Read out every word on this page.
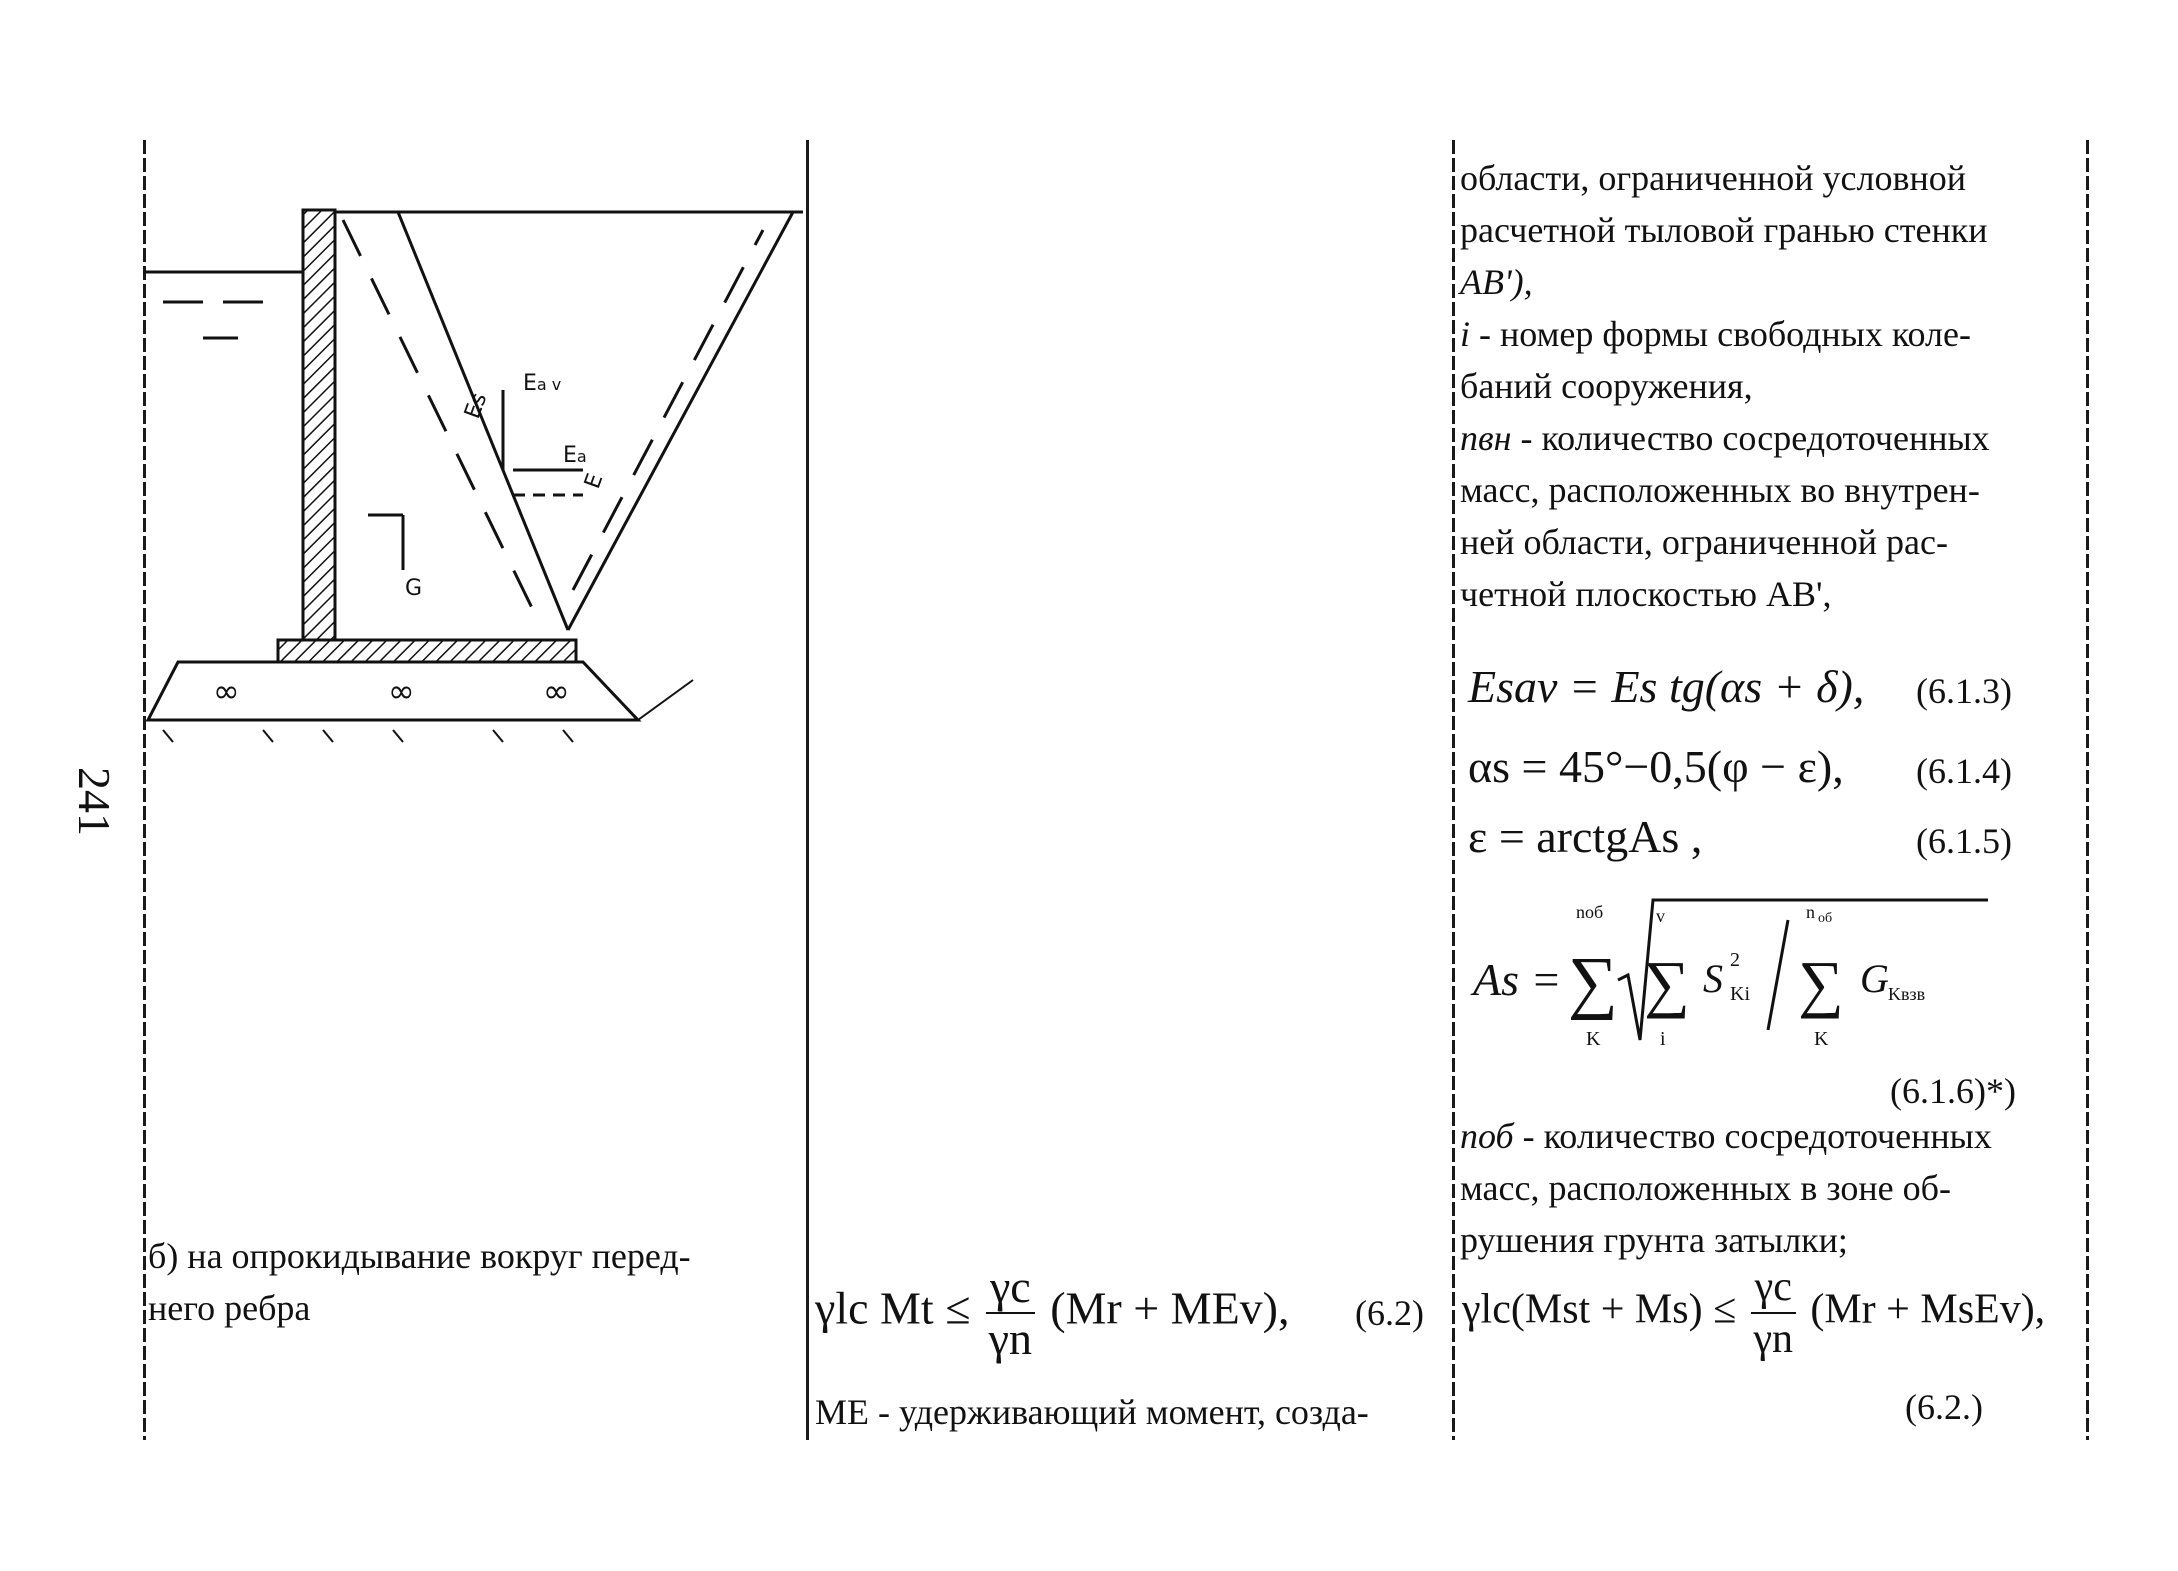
241
∞	∞	∞
Ea v
Ea
Es
E
G

б) на опрокидывание вокруг перед-

него ребра	γlc $Mt \le \frac{\gamma c}{\gamma n} (Mr + MEv)$, (6.2)
ME - удерживающий момент, созда-

области, ограниченной условной

расчетной тыловой гранью стенки

AB'),

i - номер формы свободных коле-

баний сооружения,

nвн - количество сосредоточенных

масс, расположенных во внутрен-

ней области, ограниченной рас-

четной плоскостью AB',

Esav = Es tg(αs + δ), (6.1.3)
αs = 45°−0,5(φ − ε), (6.1.4)
ε = arctgAs ,	(6.1.5)
As =
nоб
∑
K
v
∑
i
S 2
Ki
n об
∑
K
G Kвзв
(6.1.6)*)

nоб - количество сосредоточенных

масс, расположенных в зоне об-

рушения грунта затылки;

$\gamma lc(Mst + Ms) \le \frac{\gamma c}{\gamma n} (Mr$ + MsEv),
(6.2.)
